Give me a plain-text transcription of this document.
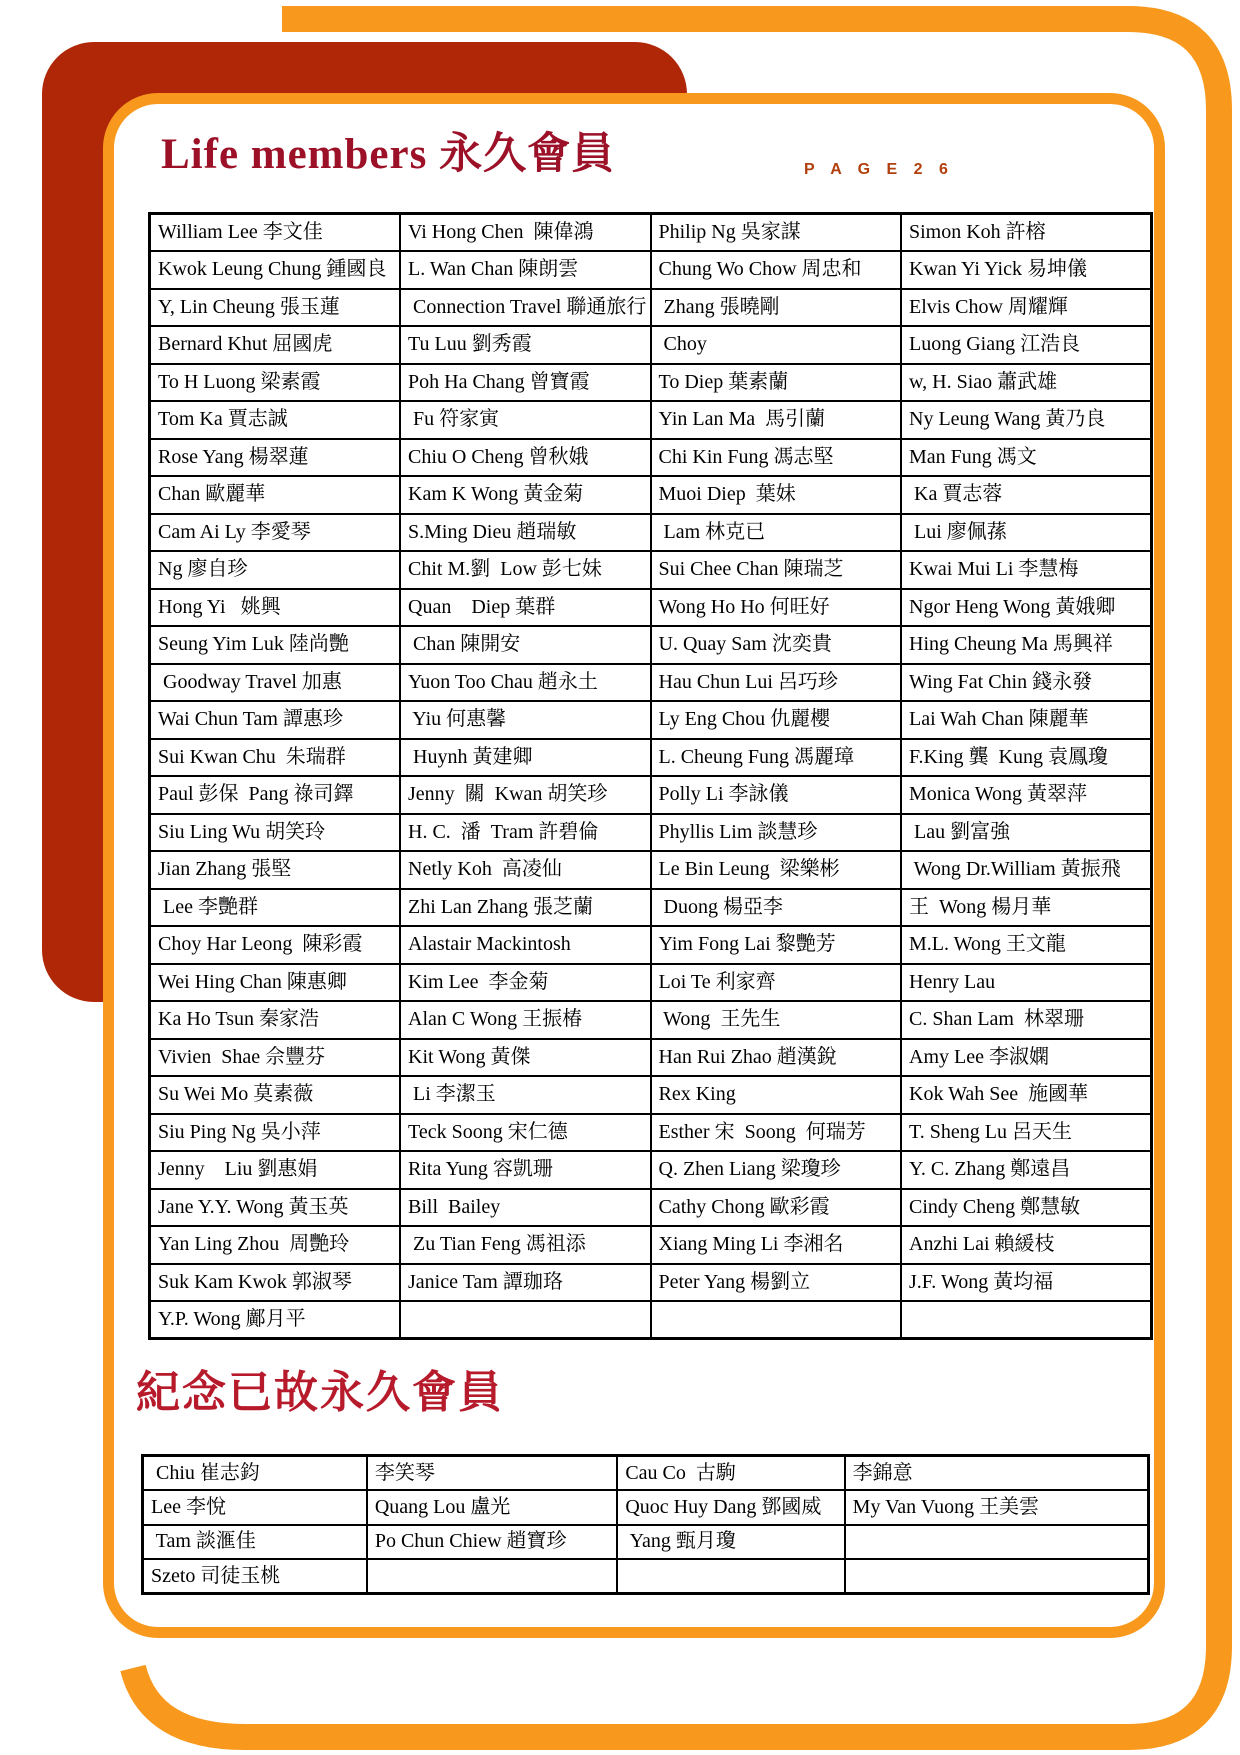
Life members 永久會員	P A G E 2 6
William Lee 李文佳	Vi Hong Chen  陳偉鴻	Philip Ng 吳家謀	Simon Koh 許榕
Kwok Leung Chung 鍾國良	L. Wan Chan 陳朗雲	Chung Wo Chow 周忠和	Kwan Yi Yick 易坤儀
Y, Lin Cheung 張玉蓮	Connection Travel 聯通旅行	Zhang 張曉剛	Elvis Chow 周耀輝
Bernard Khut 屈國虎	Tu Luu 劉秀霞	Choy	Luong Giang 江浩良
To H Luong 梁素霞	Poh Ha Chang 曾寶霞	To Diep 葉素蘭	w, H. Siao 蕭武雄
Tom Ka 賈志誠	Fu 符家寅	Yin Lan Ma  馬引蘭	Ny Leung Wang 黃乃良
Rose Yang 楊翠蓮	Chiu O Cheng 曾秋娥	Chi Kin Fung 馮志堅	Man Fung 馮文
Chan 歐麗華	Kam K Wong 黃金菊	Muoi Diep  葉妹	Ka 賈志蓉
Cam Ai Ly 李愛琴	S.Ming Dieu 趙瑞敏	Lam 林克已	Lui 廖佩蓀
Ng 廖自珍	Chit M.劉  Low 彭七妹	Sui Chee Chan 陳瑞芝	Kwai Mui Li 李慧梅
Hong Yi   姚興	Quan    Diep 葉群	Wong Ho Ho 何旺好	Ngor Heng Wong 黃娥卿
Seung Yim Luk 陸尚艷	Chan 陳開安	U. Quay Sam 沈奕貴	Hing Cheung Ma 馬興祥
Goodway Travel 加惠	Yuon Too Chau 趙永土	Hau Chun Lui 呂巧珍	Wing Fat Chin 錢永發
Wai Chun Tam 譚惠珍	Yiu 何惠馨	Ly Eng Chou 仇麗櫻	Lai Wah Chan 陳麗華
Sui Kwan Chu  朱瑞群	Huynh 黃建卿	L. Cheung Fung 馮麗璋	F.King 龔  Kung 袁鳳瓊
Paul 彭保  Pang 祿司鐸	Jenny  關  Kwan 胡笑珍	Polly Li 李詠儀	Monica Wong 黃翠萍
Siu Ling Wu 胡笑玲	H. C.  潘  Tram 許碧倫	Phyllis Lim 談慧珍	Lau 劉富強
Jian Zhang 張堅	Netly Koh  高凌仙	Le Bin Leung  梁樂彬	Wong Dr.William 黃振飛
Lee 李艷群	Zhi Lan Zhang 張芝蘭	Duong 楊亞李	王  Wong 楊月華
Choy Har Leong  陳彩霞	Alastair Mackintosh	Yim Fong Lai 黎艷芳	M.L. Wong 王文龍
Wei Hing Chan 陳惠卿	Kim Lee  李金菊	Loi Te 利家齊	Henry Lau
Ka Ho Tsun 秦家浩	Alan C Wong 王振椿	Wong  王先生	C. Shan Lam  林翠珊
Vivien  Shae 佘豐芬	Kit Wong 黃傑	Han Rui Zhao 趙漢銳	Amy Lee 李淑嫻
Su Wei Mo 莫素薇	Li 李潔玉	Rex King	Kok Wah See  施國華
Siu Ping Ng 吳小萍	Teck Soong 宋仁德	Esther 宋  Soong  何瑞芳	T. Sheng Lu 呂天生
Jenny    Liu 劉惠娟	Rita Yung 容凱珊	Q. Zhen Liang 梁瓊珍	Y. C. Zhang 鄭遠昌
Jane Y.Y. Wong 黃玉英	Bill  Bailey	Cathy Chong 歐彩霞	Cindy Cheng 鄭慧敏
Yan Ling Zhou  周艷玲	Zu Tian Feng 馮祖添	Xiang Ming Li 李湘名	Anzhi Lai 賴緩枝
Suk Kam Kwok 郭淑琴	Janice Tam 譚珈珞	Peter Yang 楊劉立	J.F. Wong 黃均福
Y.P. Wong 鄺月平			
紀念已故永久會員
Chiu 崔志鈞	李笑琴	Cau Co  古駒	李錦意
Lee 李悅	Quang Lou 盧光	Quoc Huy Dang 鄧國威	My Van Vuong 王美雲
Tam 談滙佳	Po Chun Chiew 趙寶珍	Yang 甄月瓊	
Szeto 司徒玉桃			
